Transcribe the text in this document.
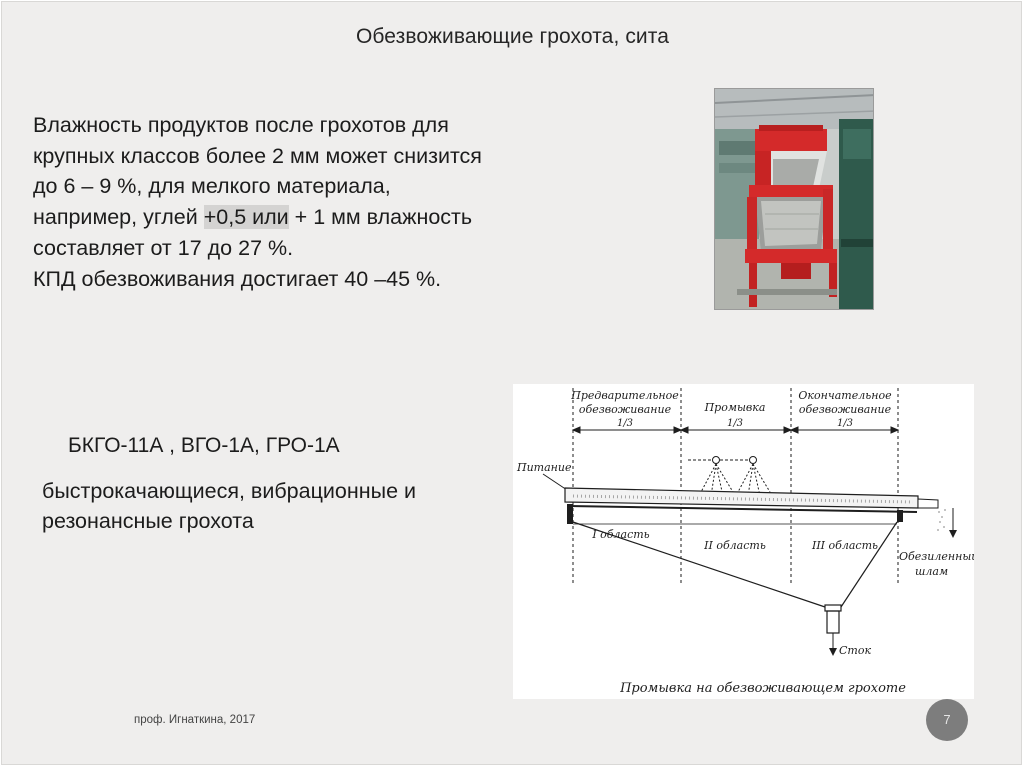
Обезвоживающие грохота, сита
Влажность продуктов после грохотов для
крупных классов более 2 мм может снизится
до 6 – 9 %, для мелкого материала,
например, углей +0,5 или + 1 мм влажность
составляет от 17 до 27 %.
КПД обезвоживания достигает 40 –45 %.
БКГО-11А , ВГО-1А, ГРО-1А
быстрокачающиеся, вибрационные и
резонансные грохота
Предварительное
обезвоживание	Промывка
Окончательное
обезвоживание
1/3	1/3	1/3
Питание
Обезиленный
шлам
Сток
I область
II область	III область
Промывка на обезвоживающем грохоте
проф. Игнаткина, 2017	7
